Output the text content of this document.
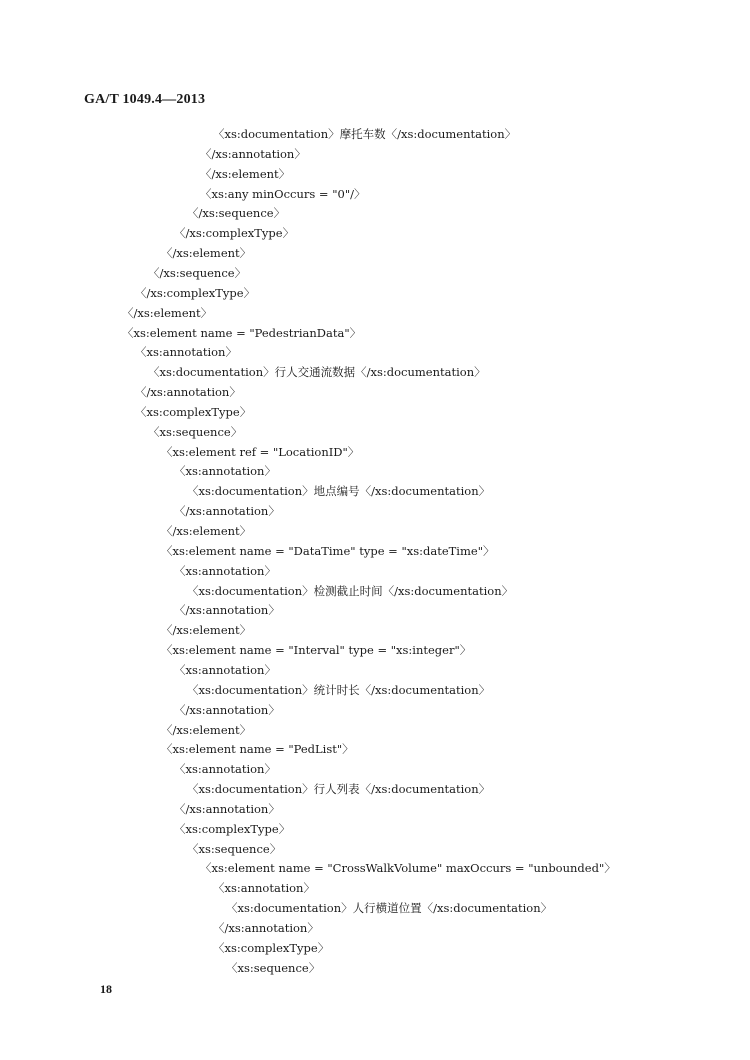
GA/T 1049.4—2013
〈xs:documentation〉摩托车数〈/xs:documentation〉
〈/xs:annotation〉
〈/xs:element〉
〈xs:any minOccurs = "0"/〉
〈/xs:sequence〉
〈/xs:complexType〉
〈/xs:element〉
〈/xs:sequence〉
〈/xs:complexType〉
〈/xs:element〉
〈xs:element name = "PedestrianData"〉
〈xs:annotation〉
〈xs:documentation〉行人交通流数据〈/xs:documentation〉
〈/xs:annotation〉
〈xs:complexType〉
〈xs:sequence〉
〈xs:element ref = "LocationID"〉
〈xs:annotation〉
〈xs:documentation〉地点编号〈/xs:documentation〉
〈/xs:annotation〉
〈/xs:element〉
〈xs:element name = "DataTime" type = "xs:dateTime"〉
〈xs:annotation〉
〈xs:documentation〉检测截止时间〈/xs:documentation〉
〈/xs:annotation〉
〈/xs:element〉
〈xs:element name = "Interval" type = "xs:integer"〉
〈xs:annotation〉
〈xs:documentation〉统计时长〈/xs:documentation〉
〈/xs:annotation〉
〈/xs:element〉
〈xs:element name = "PedList"〉
〈xs:annotation〉
〈xs:documentation〉行人列表〈/xs:documentation〉
〈/xs:annotation〉
〈xs:complexType〉
〈xs:sequence〉
〈xs:element name = "CrossWalkVolume" maxOccurs = "unbounded"〉
〈xs:annotation〉
〈xs:documentation〉人行横道位置〈/xs:documentation〉
〈/xs:annotation〉
〈xs:complexType〉
〈xs:sequence〉
18
